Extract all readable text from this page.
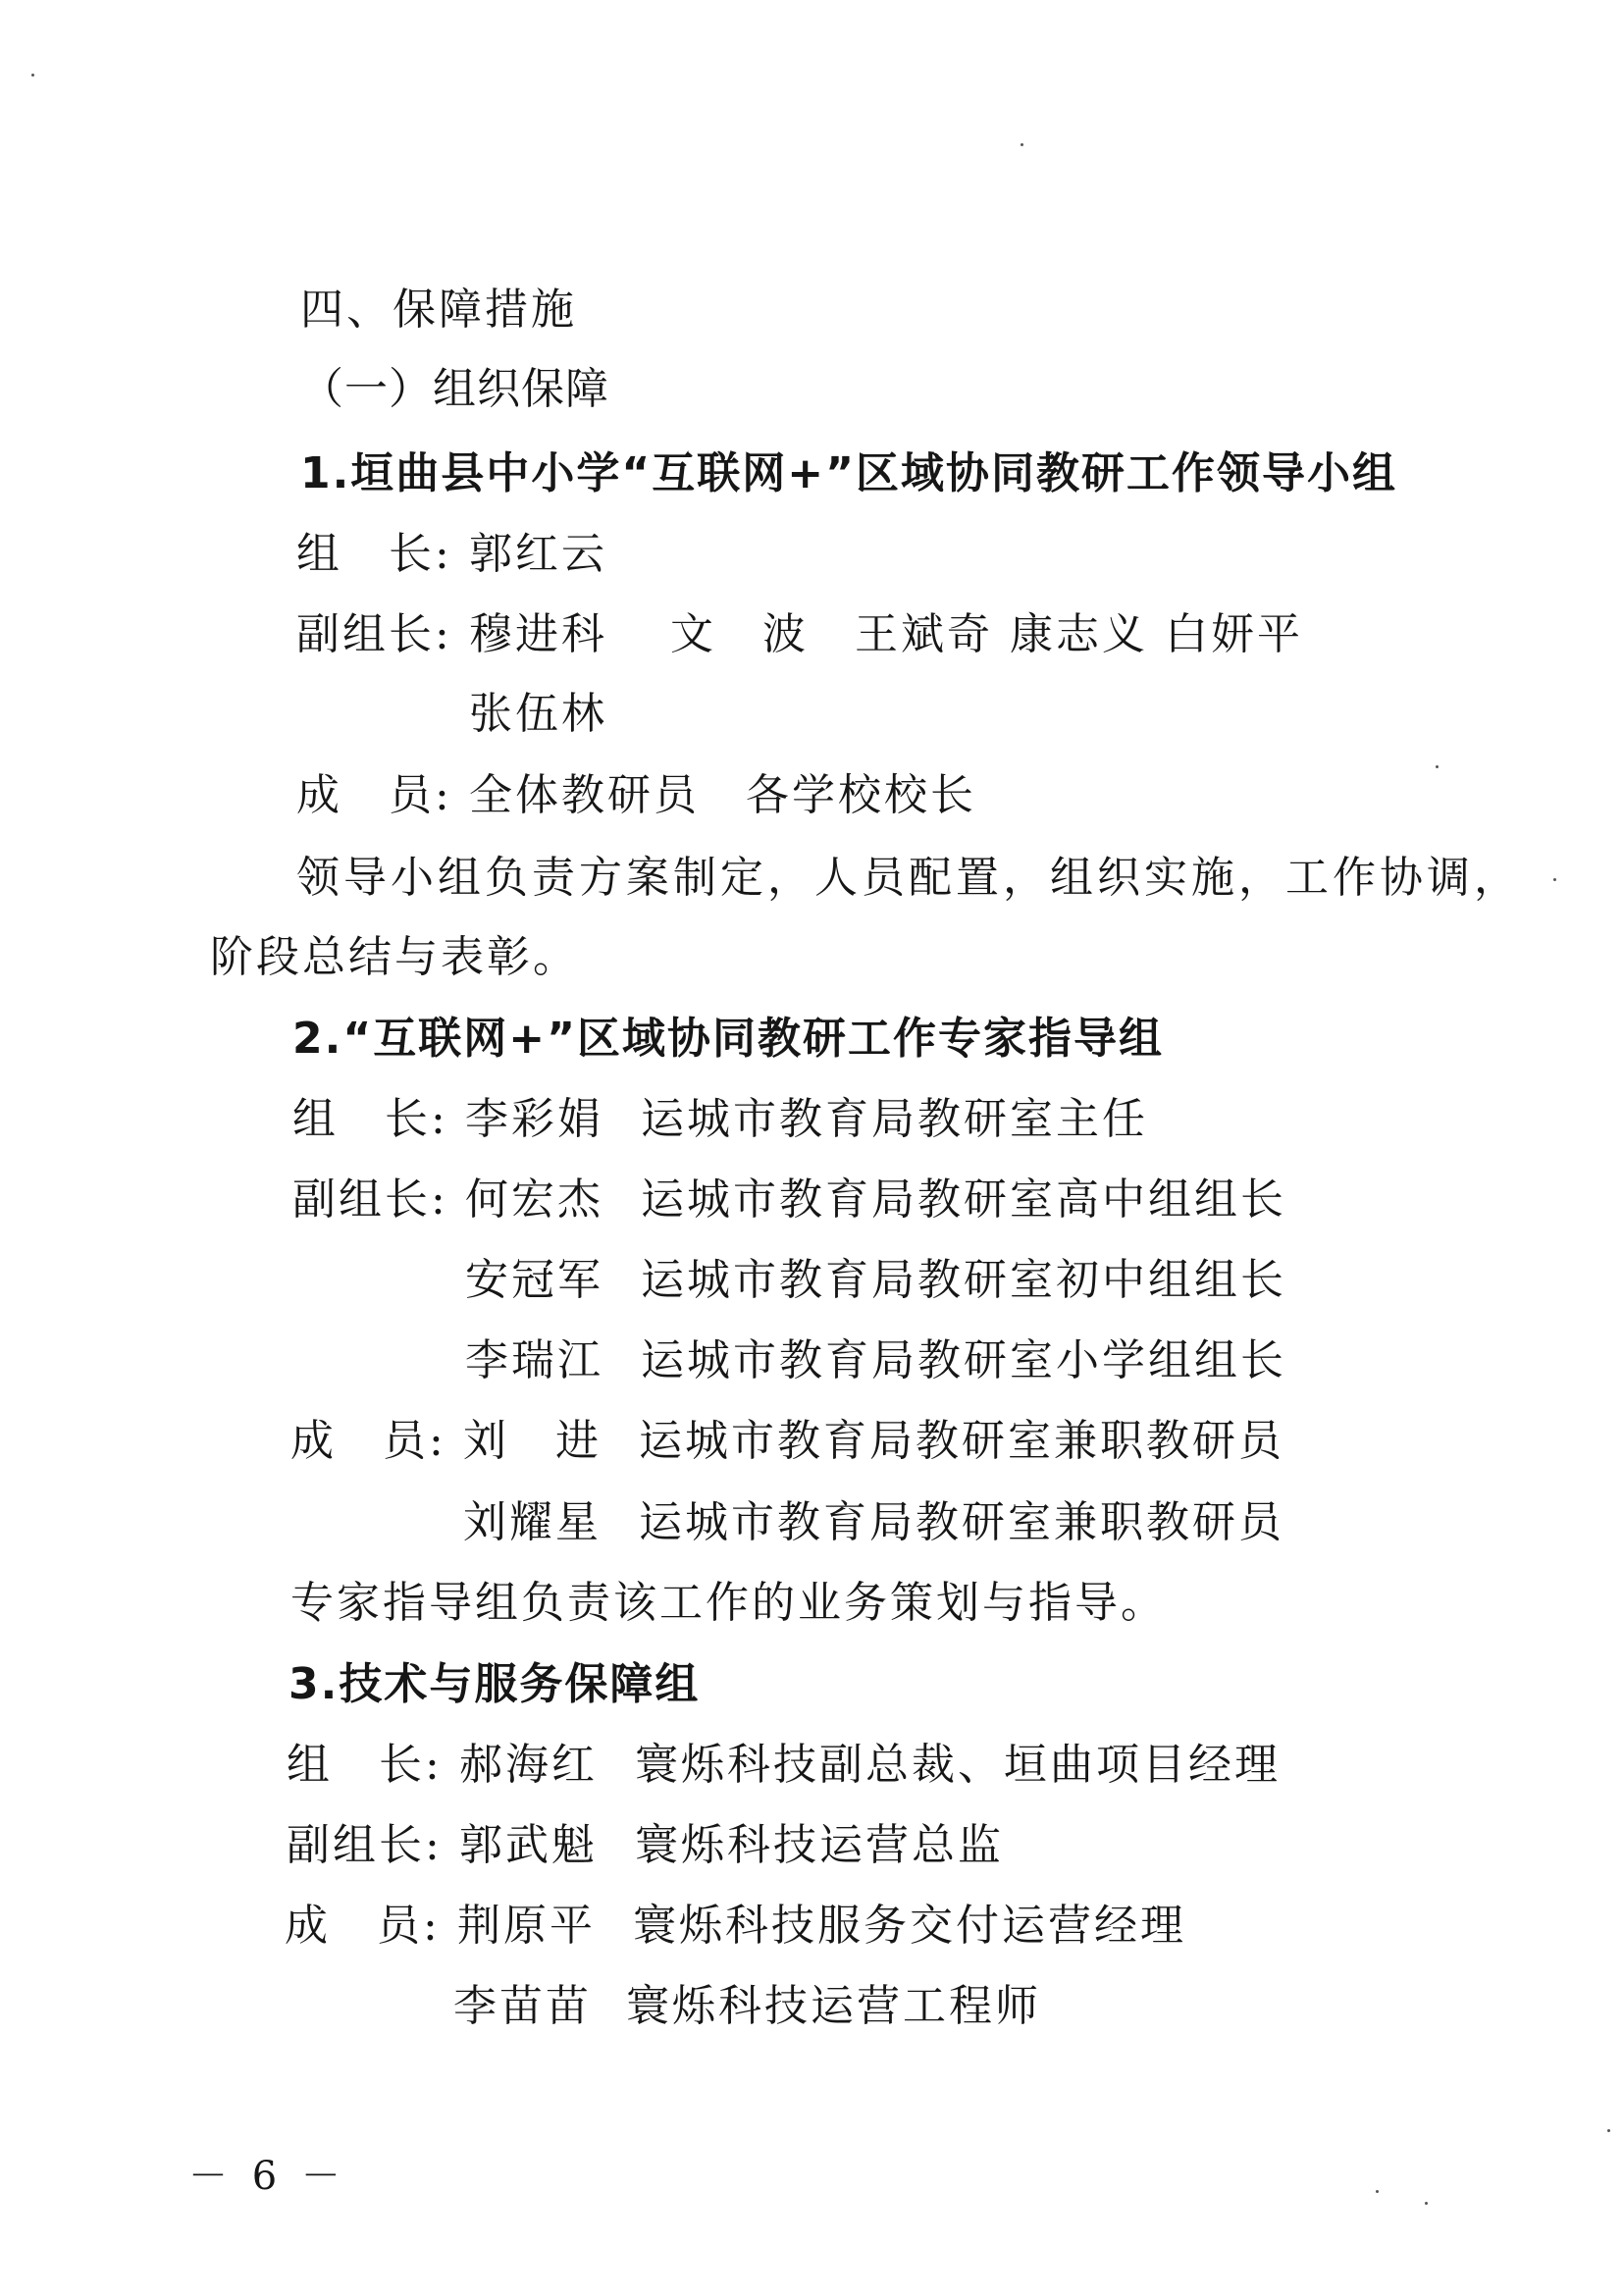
四、保障措施
（一）组织保障
1.垣曲县中小学“互联网+”区域协同教研工作领导小组

组　长:

郭红云

副组长:

穆进科　 文　波　王斌奇 康志义 白妍平

张伍林

成　员:

全体教研员　各学校校长

领导小组负责方案制定，人员配置，组织实施，工作协调，
阶段总结与表彰。
2.“互联网+”区域协同教研工作专家指导组

组　长:

李彩娟

运城市教育局教研室主任

副组长:

何宏杰

运城市教育局教研室高中组组长

安冠军

运城市教育局教研室初中组组长

李瑞江

运城市教育局教研室小学组组长

成　员:

刘　进

运城市教育局教研室兼职教研员

刘耀星

运城市教育局教研室兼职教研员

专家指导组负责该工作的业务策划与指导。
3.技术与服务保障组

组　长:

郝海红

寰烁科技副总裁、垣曲项目经理

副组长:

郭武魁

寰烁科技运营总监

成　员:

荆原平

寰烁科技服务交付运营经理

李苗苗

寰烁科技运营工程师

－ 6 －
